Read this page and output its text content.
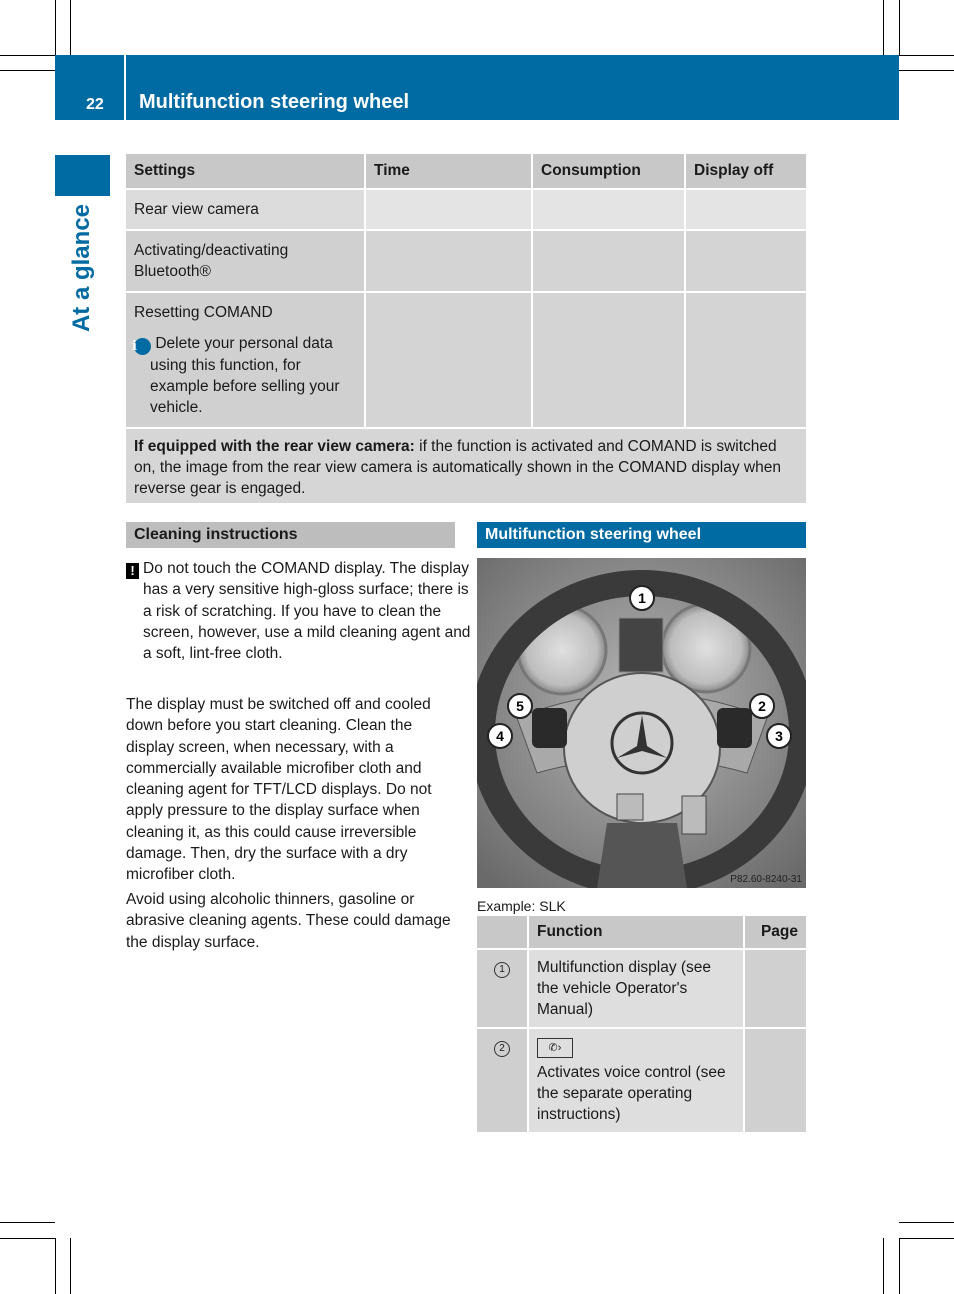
22 Multifunction steering wheel
At a glance
Settings	Time	Consumption	Display off
Rear view camera			
Activating/deactivating Bluetooth®			

Resetting COMAND
i Delete your personal data using this function, for example before selling your vehicle.			

If equipped with the rear view camera: if the function is activated and COMAND is switched on, the image from the rear view camera is automatically shown in the COMAND display when reverse gear is engaged.			
Cleaning instructions
! Do not touch the COMAND display. The display has a very sensitive high-gloss surface; there is a risk of scratching. If you have to clean the screen, however, use a mild cleaning agent and a soft, lint-free cloth.
The display must be switched off and cooled down before you start cleaning. Clean the display screen, when necessary, with a commercially available microfiber cloth and cleaning agent for TFT/LCD displays. Do not apply pressure to the display surface when cleaning it, as this could cause irreversible damage. Then, dry the surface with a dry microfiber cloth.
Avoid using alcoholic thinners, gasoline or abrasive cleaning agents. These could damage the display surface.
Multifunction steering wheel
1
2
3
4
5
P82.60-8240-31
Example: SLK
	Function	Page
1	Multifunction display (see the vehicle Operator's Manual)	
2	✆›
Activates voice control (see the separate operating instructions)	
